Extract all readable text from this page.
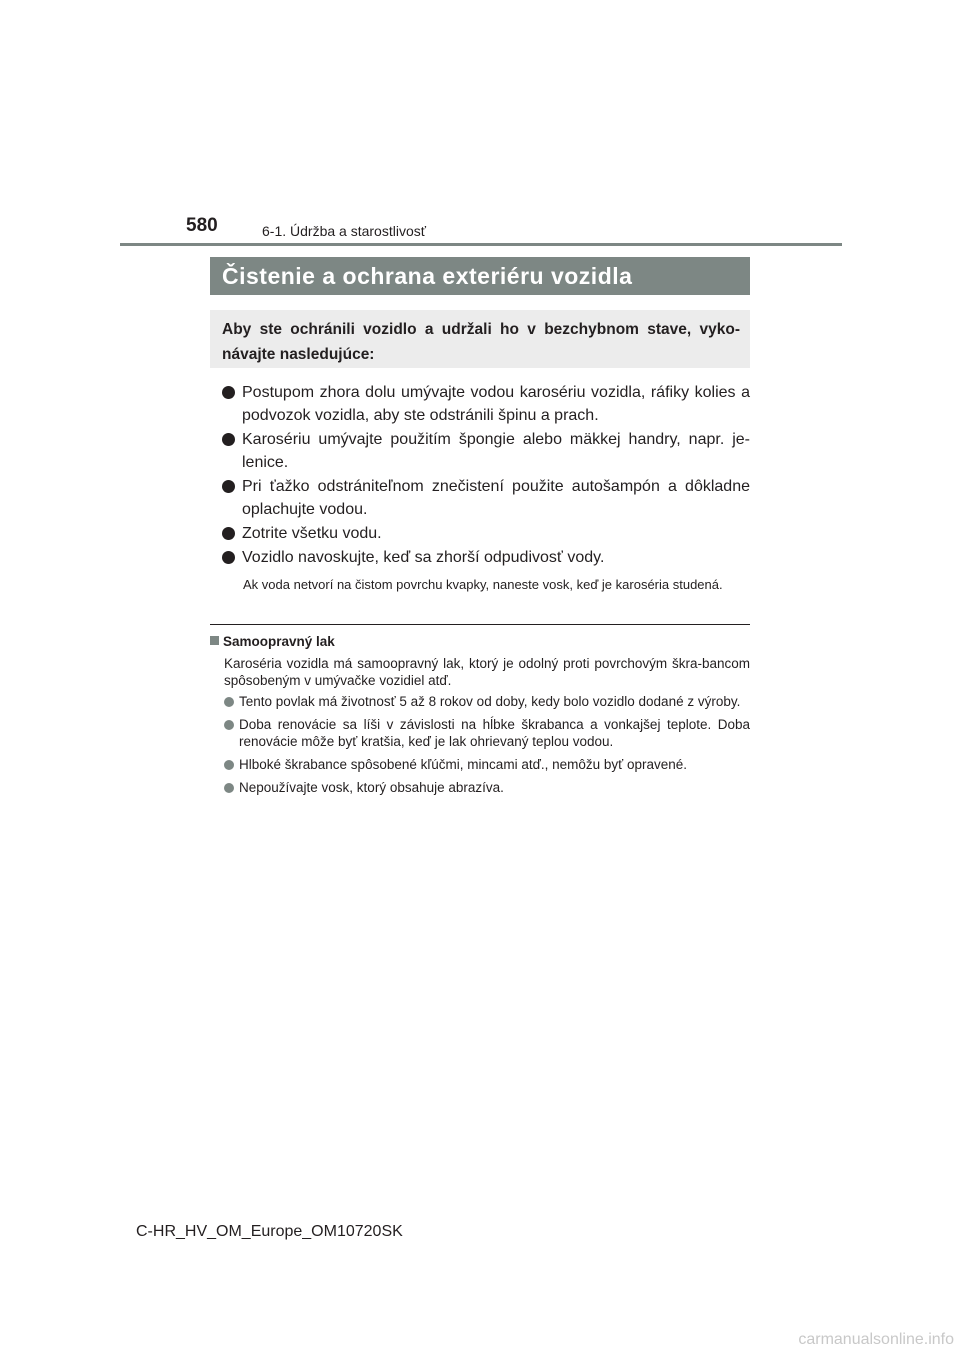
580	6-1. Údržba a starostlivosť
Čistenie a ochrana exteriéru vozidla
Aby ste ochránili vozidlo a udržali ho v bezchybnom stave, vyko-návajte nasledujúce:
Postupom zhora dolu umývajte vodou karosériu vozidla, ráfiky kolies a podvozok vozidla, aby ste odstránili špinu a prach.
Karosériu umývajte použitím špongie alebo mäkkej handry, napr. je-lenice.
Pri ťažko odstrániteľnom znečistení použite autošampón a dôkladne oplachujte vodou.
Zotrite všetku vodu.
Vozidlo navoskujte, keď sa zhorší odpudivosť vody.
Ak voda netvorí na čistom povrchu kvapky, naneste vosk, keď je karoséria studená.
Samoopravný lak
Karoséria vozidla má samoopravný lak, ktorý je odolný proti povrchovým škra-bancom spôsobeným v umývačke vozidiel atď.
Tento povlak má životnosť 5 až 8 rokov od doby, kedy bolo vozidlo dodané z výroby.
Doba renovácie sa líši v závislosti na hĺbke škrabanca a vonkajšej teplote. Doba renovácie môže byť kratšia, keď je lak ohrievaný teplou vodou.
Hlboké škrabance spôsobené kľúčmi, mincami atď., nemôžu byť opravené.
Nepoužívajte vosk, ktorý obsahuje abrazíva.
C-HR_HV_OM_Europe_OM10720SK
carmanualsonline.info
